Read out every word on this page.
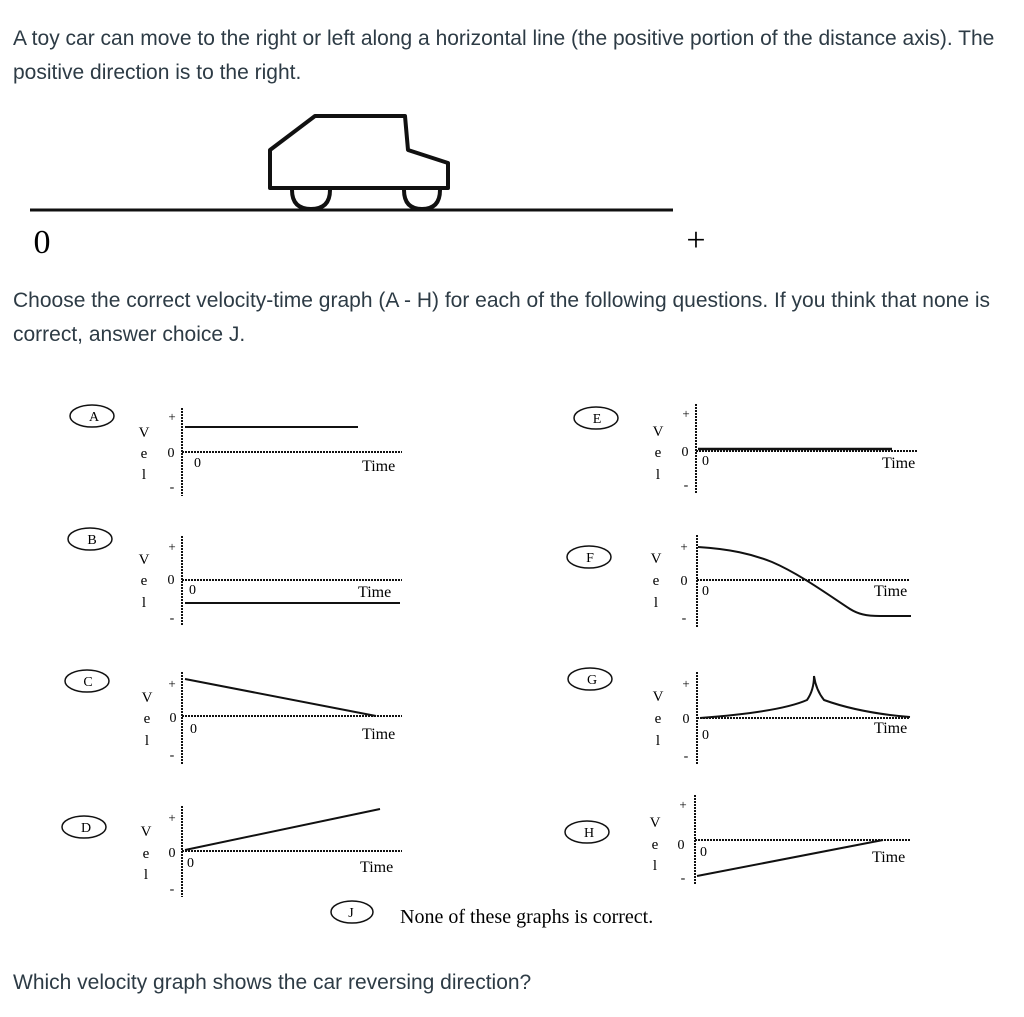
A toy car can move to the right or left along a horizontal line (the positive portion of the distance axis). The positive direction is to the right.
Choose the correct velocity-time graph (A - H) for each of the following questions. If you think that none is correct, answer choice J.
Which velocity graph shows the car reversing direction?
0	+
A
V
e
l
+
0
-
0	Time
B
V
e
l
+
0
-
0	Time
C
V
e
l
+
0
-
0	Time
D	V
e
l
+
0
-
0	Time
E
V
e
l
+
0
-
0	Time
F	V
e
l
+
0
-
0	Time
G
V
e
l
+
0
-
0	Time
H
V
e
l
+
0
-
0	Time
J None of these graphs is correct.
